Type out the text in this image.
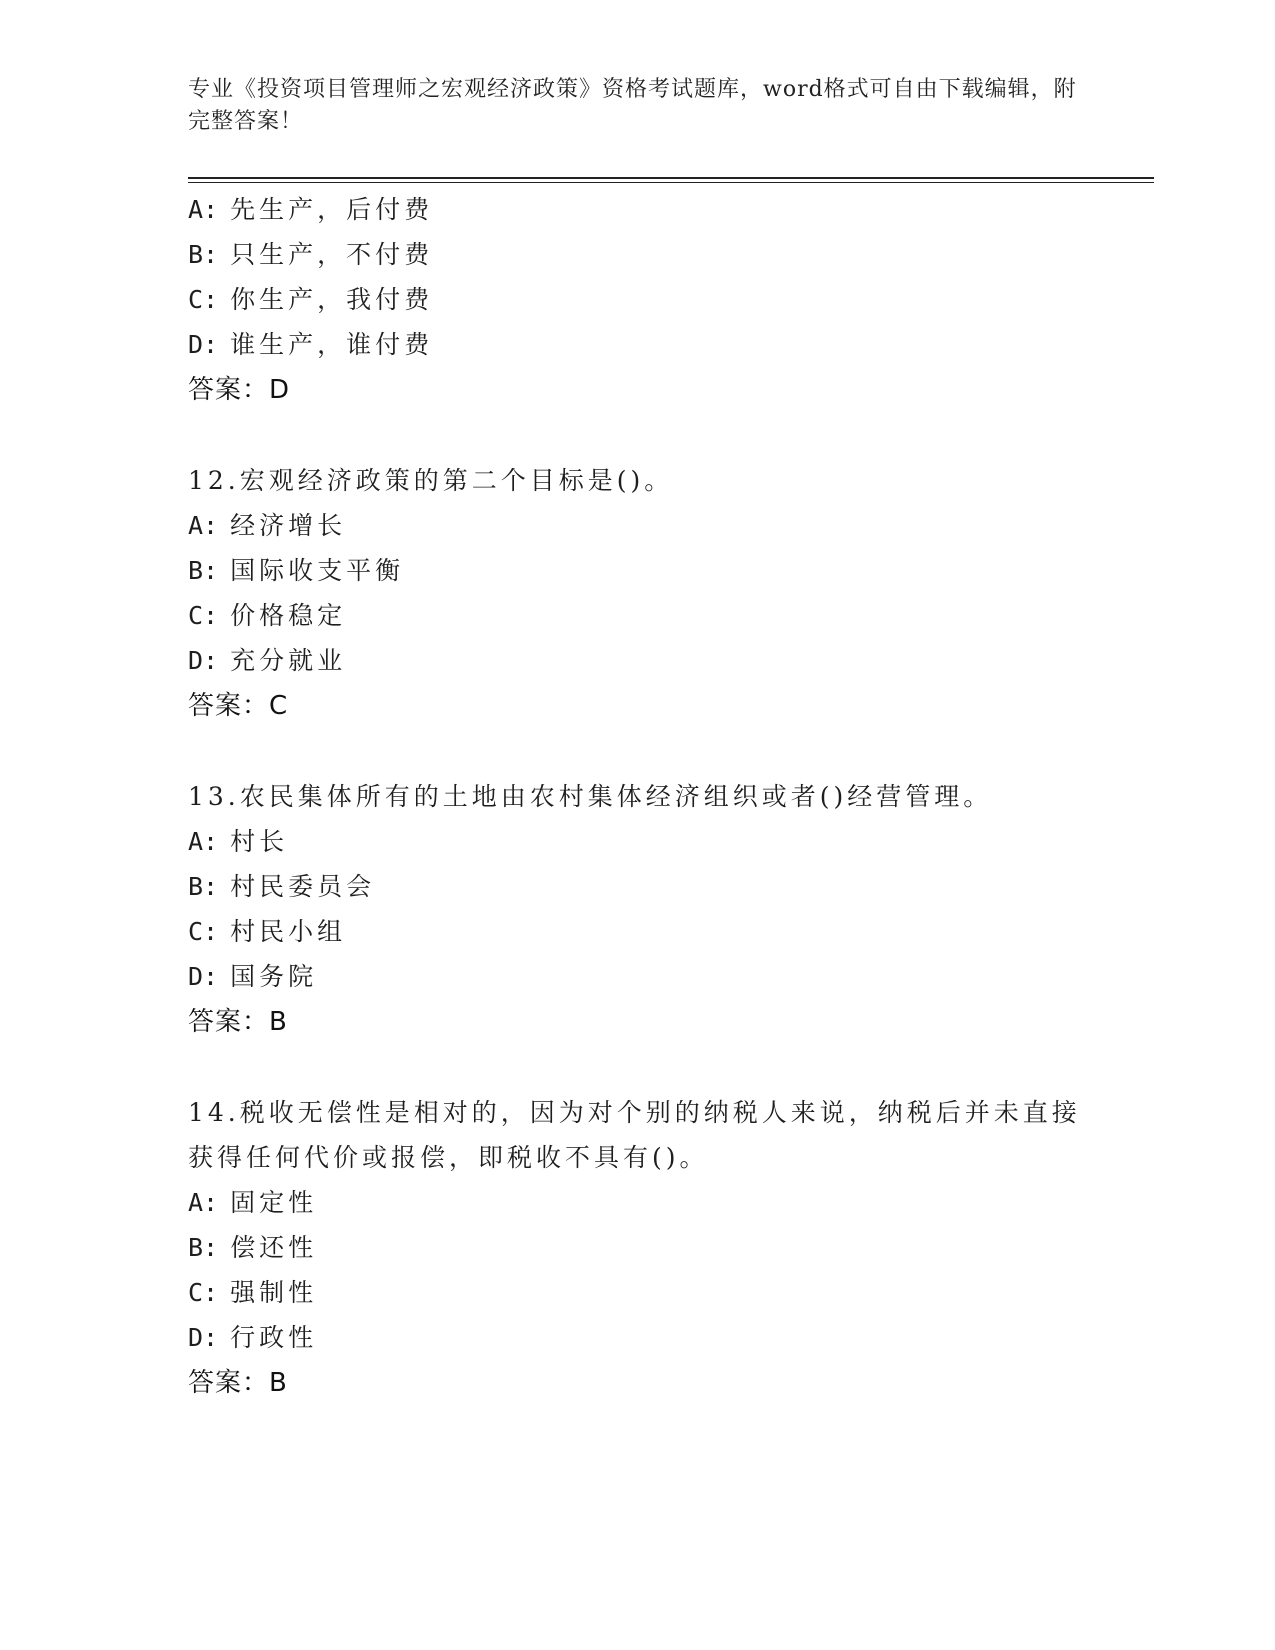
专业《投资项目管理师之宏观经济政策》资格考试题库，word格式可自由下载编辑，附完整答案！
A: 先生产，后付费
B: 只生产，不付费
C: 你生产，我付费
D: 谁生产，谁付费
答案：D
12.宏观经济政策的第二个目标是()。
A: 经济增长
B: 国际收支平衡
C: 价格稳定
D: 充分就业
答案：C
13.农民集体所有的土地由农村集体经济组织或者()经营管理。
A: 村长
B: 村民委员会
C: 村民小组
D: 国务院
答案：B
14.税收无偿性是相对的，因为对个别的纳税人来说，纳税后并未直接获得任何代价或报偿，即税收不具有()。
A: 固定性
B: 偿还性
C: 强制性
D: 行政性
答案：B
